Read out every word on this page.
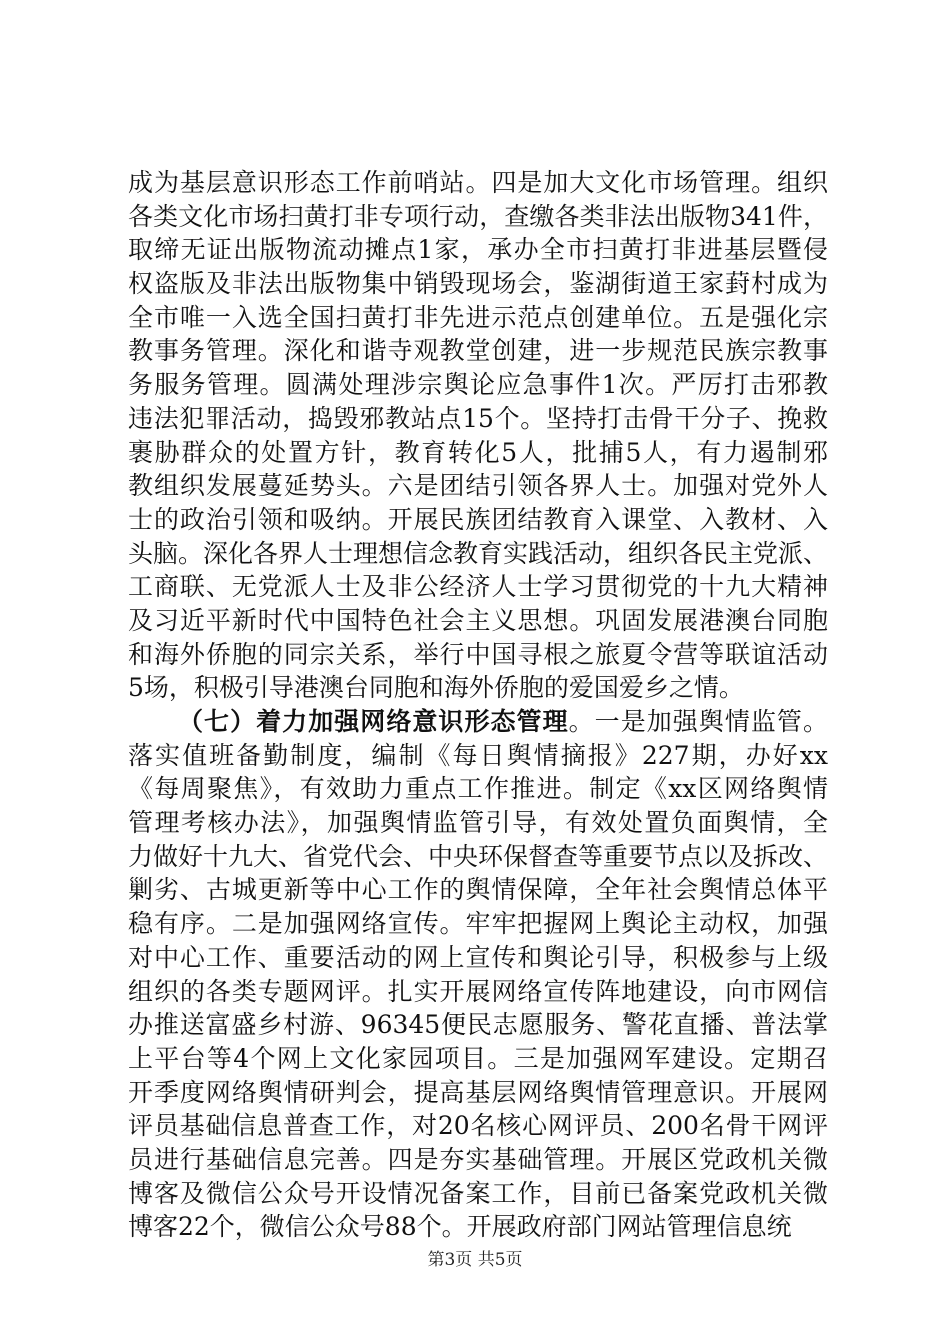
成为基层意识形态工作前哨站。四是加大文化市场管理。组织
各类文化市场扫黄打非专项行动，查缴各类非法出版物341件，
取缔无证出版物流动摊点1家，承办全市扫黄打非进基层暨侵
权盗版及非法出版物集中销毁现场会，鉴湖街道王家葑村成为
全市唯一入选全国扫黄打非先进示范点创建单位。五是强化宗
教事务管理。深化和谐寺观教堂创建，进一步规范民族宗教事
务服务管理。圆满处理涉宗舆论应急事件1次。严厉打击邪教
违法犯罪活动，捣毁邪教站点15个。坚持打击骨干分子、挽救
裹胁群众的处置方针，教育转化5人，批捕5人，有力遏制邪
教组织发展蔓延势头。六是团结引领各界人士。加强对党外人
士的政治引领和吸纳。开展民族团结教育入课堂、入教材、入
头脑。深化各界人士理想信念教育实践活动，组织各民主党派、
工商联、无党派人士及非公经济人士学习贯彻党的十九大精神
及习近平新时代中国特色社会主义思想。巩固发展港澳台同胞
和海外侨胞的同宗关系，举行中国寻根之旅夏令营等联谊活动
5场，积极引导港澳台同胞和海外侨胞的爱国爱乡之情。
（七）着力加强网络意识形态管理。一是加强舆情监管。
落实值班备勤制度，编制《每日舆情摘报》227期，办好xx
《每周聚焦》，有效助力重点工作推进。制定《xx区网络舆情
管理考核办法》，加强舆情监管引导，有效处置负面舆情，全
力做好十九大、省党代会、中央环保督查等重要节点以及拆改、
剿劣、古城更新等中心工作的舆情保障，全年社会舆情总体平
稳有序。二是加强网络宣传。牢牢把握网上舆论主动权，加强
对中心工作、重要活动的网上宣传和舆论引导，积极参与上级
组织的各类专题网评。扎实开展网络宣传阵地建设，向市网信
办推送富盛乡村游、96345便民志愿服务、警花直播、普法掌
上平台等4个网上文化家园项目。三是加强网军建设。定期召
开季度网络舆情研判会，提高基层网络舆情管理意识。开展网
评员基础信息普查工作，对20名核心网评员、200名骨干网评
员进行基础信息完善。四是夯实基础管理。开展区党政机关微
博客及微信公众号开设情况备案工作，目前已备案党政机关微
博客22个，微信公众号88个。开展政府部门网站管理信息统
第3页 共5页
